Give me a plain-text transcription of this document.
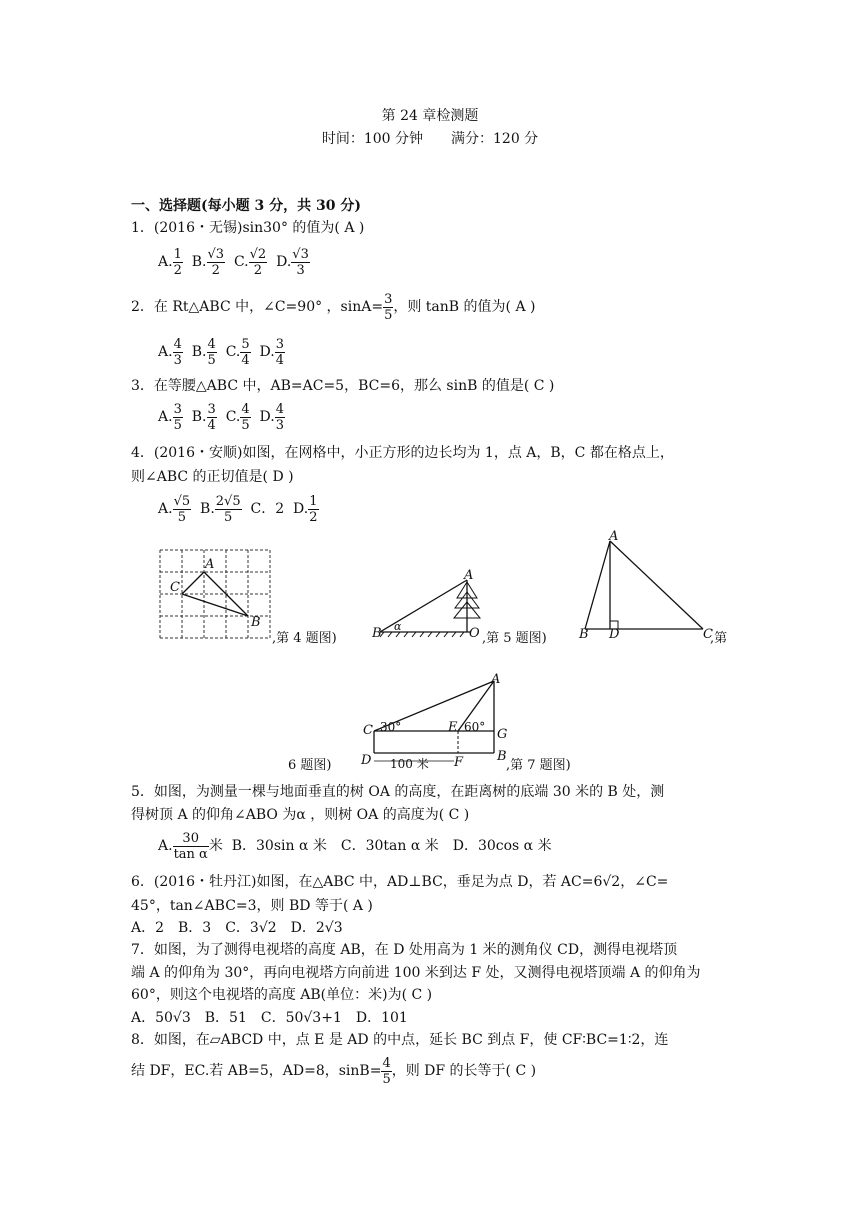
第 24 章检测题
时间：100 分钟　　满分：120 分
一、选择题(每小题 3 分，共 30 分)
1．(2016・无锡)sin30° 的值为( A )
A. $\frac{1}{2} B$. $\frac{√3}{2} C$. $\frac{√2}{2} D$. $\frac{√3}{3}$
2．在 Rt△ABC 中，∠C=90° ，$\sin A= \frac{3}{5}$ ，则 tanB 的值为( A )
A. $\frac{4}{3} B$. $\frac{4}{5} C$. $\frac{5}{4} D$. $\frac{3}{4}$
3．在等腰△ABC 中，AB=AC=5，BC=6，那么 sinB 的值是( C )
A. $\frac{3}{5} B$. $\frac{3}{4} C$. $\frac{4}{5} D$. $\frac{4}{3}$
4．(2016・安顺)如图，在网格中，小正方形的边长均为 1，点 A，B，C 都在格点上，
则∠ABC 的正切值是( D )
A. $\frac{√5}{5} B$. $\frac{2√5}{5}$ C．2 D. $\frac{1}{2}$
A
C
B
,第 4 题图)
A
B α	O ,第 5 题图)
A
B D	C
,第
6 题图)
A
C 30°	E 60° G
D 100 米 F	B
,第 7 题图)
5．如图，为测量一棵与地面垂直的树 OA 的高度，在距离树的底端 30 米的 B 处，测
得树顶 A 的仰角∠ABO 为α ，则树 OA 的高度为( C )
A. $\frac{30}{\text{tan α}}$ 米 B．30sin α 米　C．30tan α 米　D．30cos α 米
6．(2016・牡丹江)如图，在△ABC 中，AD⊥BC，垂足为点 D，若 AC=6√2，∠C=
45°，tan∠ABC=3，则 BD 等于( A )
A．2　B．3　C．3√2　D．2√3
7．如图，为了测得电视塔的高度 AB，在 D 处用高为 1 米的测角仪 CD，测得电视塔顶
端 A 的仰角为 30°，再向电视塔方向前进 100 米到达 F 处，又测得电视塔顶端 A 的仰角为
60°，则这个电视塔的高度 AB(单位：米)为( C )
A．50√3　B．51　C．50√3+1　D．101
8．如图，在▱ABCD 中，点 E 是 AD 的中点，延长 BC 到点 F，使 CF∶BC=1∶2，连
结 DF，EC.若 AB=5，AD=8，$\sin B= \frac{4}{5}$ ，则 DF 的长等于( C )
